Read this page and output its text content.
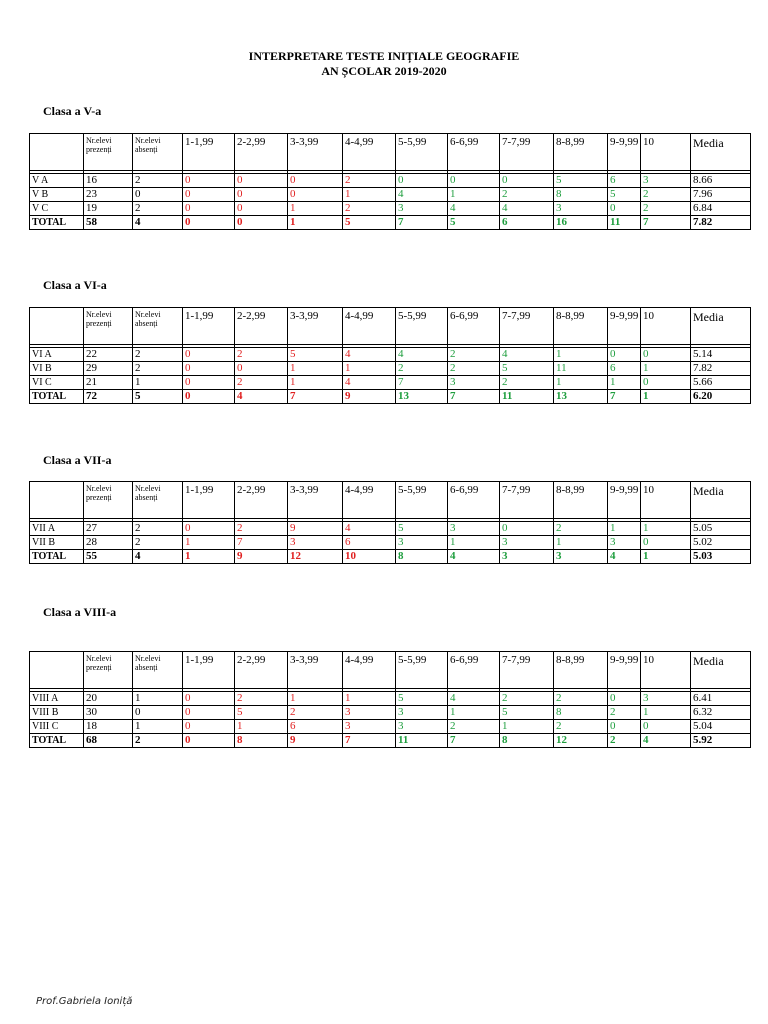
INTERPRETARE TESTE INIȚIALE GEOGRAFIE
AN ȘCOLAR 2019-2020
Clasa a V-a
	Nr.elevi prezenți	Nr.elevi absenți	1-1,99	2-2,99	3-3,99	4-4,99	5-5,99	6-6,99	7-7,99	8-8,99	9-9,99	10	Media

V A	16	2	0	0	0	2	0	0	0	5	6	3	8.66
V B	23	0	0	0	0	1	4	1	2	8	5	2	7.96
V C	19	2	0	0	1	2	3	4	4	3	0	2	6.84
TOTAL	58	4	0	0	1	5	7	5	6	16	11	7	7.82
Clasa a VI-a
	Nr.elevi prezenți	Nr.elevi absenți	1-1,99	2-2,99	3-3,99	4-4,99	5-5,99	6-6,99	7-7,99	8-8,99	9-9,99	10	Media

VI A	22	2	0	2	5	4	4	2	4	1	0	0	5.14
VI B	29	2	0	0	1	1	2	2	5	11	6	1	7.82
VI C	21	1	0	2	1	4	7	3	2	1	1	0	5.66
TOTAL	72	5	0	4	7	9	13	7	11	13	7	1	6.20
Clasa a VII-a
	Nr.elevi prezenți	Nr.elevi absenți	1-1,99	2-2,99	3-3,99	4-4,99	5-5,99	6-6,99	7-7,99	8-8,99	9-9,99	10	Media

VII A	27	2	0	2	9	4	5	3	0	2	1	1	5.05
VII B	28	2	1	7	3	6	3	1	3	1	3	0	5.02
TOTAL	55	4	1	9	12	10	8	4	3	3	4	1	5.03
Clasa a VIII-a
	Nr.elevi prezenți	Nr.elevi absenți	1-1,99	2-2,99	3-3,99	4-4,99	5-5,99	6-6,99	7-7,99	8-8,99	9-9,99	10	Media

VIII A	20	1	0	2	1	1	5	4	2	2	0	3	6.41
VIII B	30	0	0	5	2	3	3	1	5	8	2	1	6.32
VIII C	18	1	0	1	6	3	3	2	1	2	0	0	5.04
TOTAL	68	2	0	8	9	7	11	7	8	12	2	4	5.92
Prof.Gabriela Ioniță
